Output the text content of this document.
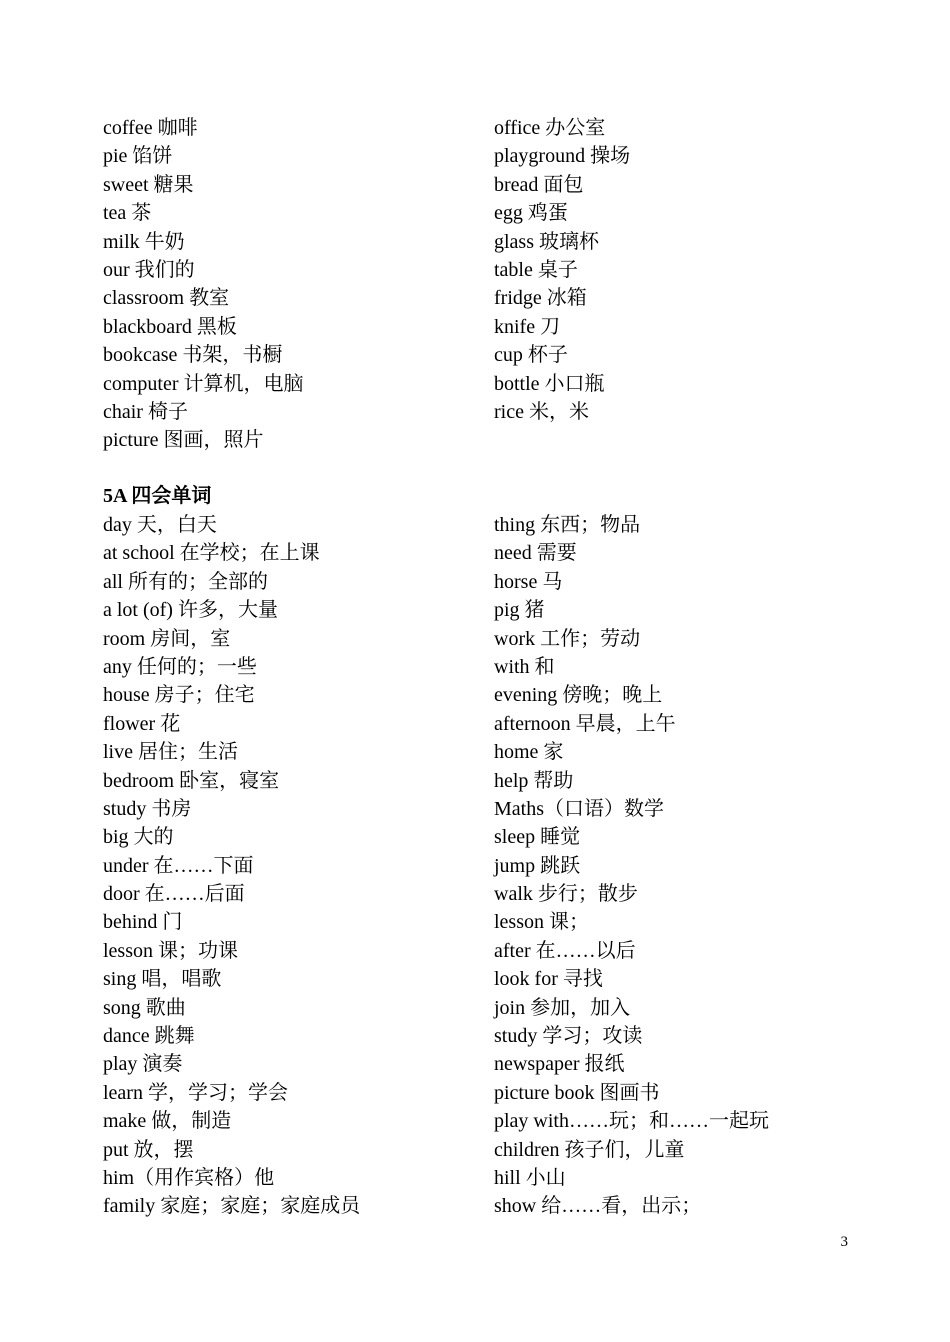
coffee 咖啡
pie 馅饼
sweet 糖果
tea 茶
milk 牛奶
our 我们的
classroom 教室
blackboard 黑板
bookcase 书架，书橱
computer 计算机，电脑
chair 椅子
picture 图画，照片
office 办公室
playground 操场
bread 面包
egg 鸡蛋
glass 玻璃杯
table 桌子
fridge 冰箱
knife 刀
cup 杯子
bottle 小口瓶
rice 米，米
5A 四会单词
day 天，白天
at school 在学校；在上课
all 所有的；全部的
a lot (of) 许多，大量
room 房间，室
any 任何的；一些
house 房子；住宅
flower 花
live 居住；生活
bedroom 卧室，寝室
study 书房
big 大的
under 在……下面
door 在……后面
behind 门
lesson 课；功课
sing 唱，唱歌
song 歌曲
dance 跳舞
play 演奏
learn 学，学习；学会
make 做，制造
put 放，摆
him（用作宾格）他
family 家庭；家庭；家庭成员
thing 东西；物品
need 需要
horse 马
pig 猪
work 工作；劳动
with 和
evening 傍晚；晚上
afternoon 早晨，上午
home 家
help 帮助
Maths（口语）数学
sleep 睡觉
jump 跳跃
walk 步行；散步
lesson 课；
after 在……以后
look for 寻找
join 参加，加入
study 学习；攻读
newspaper 报纸
picture book 图画书
play with……玩；和……一起玩
children 孩子们，儿童
hill 小山
show 给……看，出示；
3
